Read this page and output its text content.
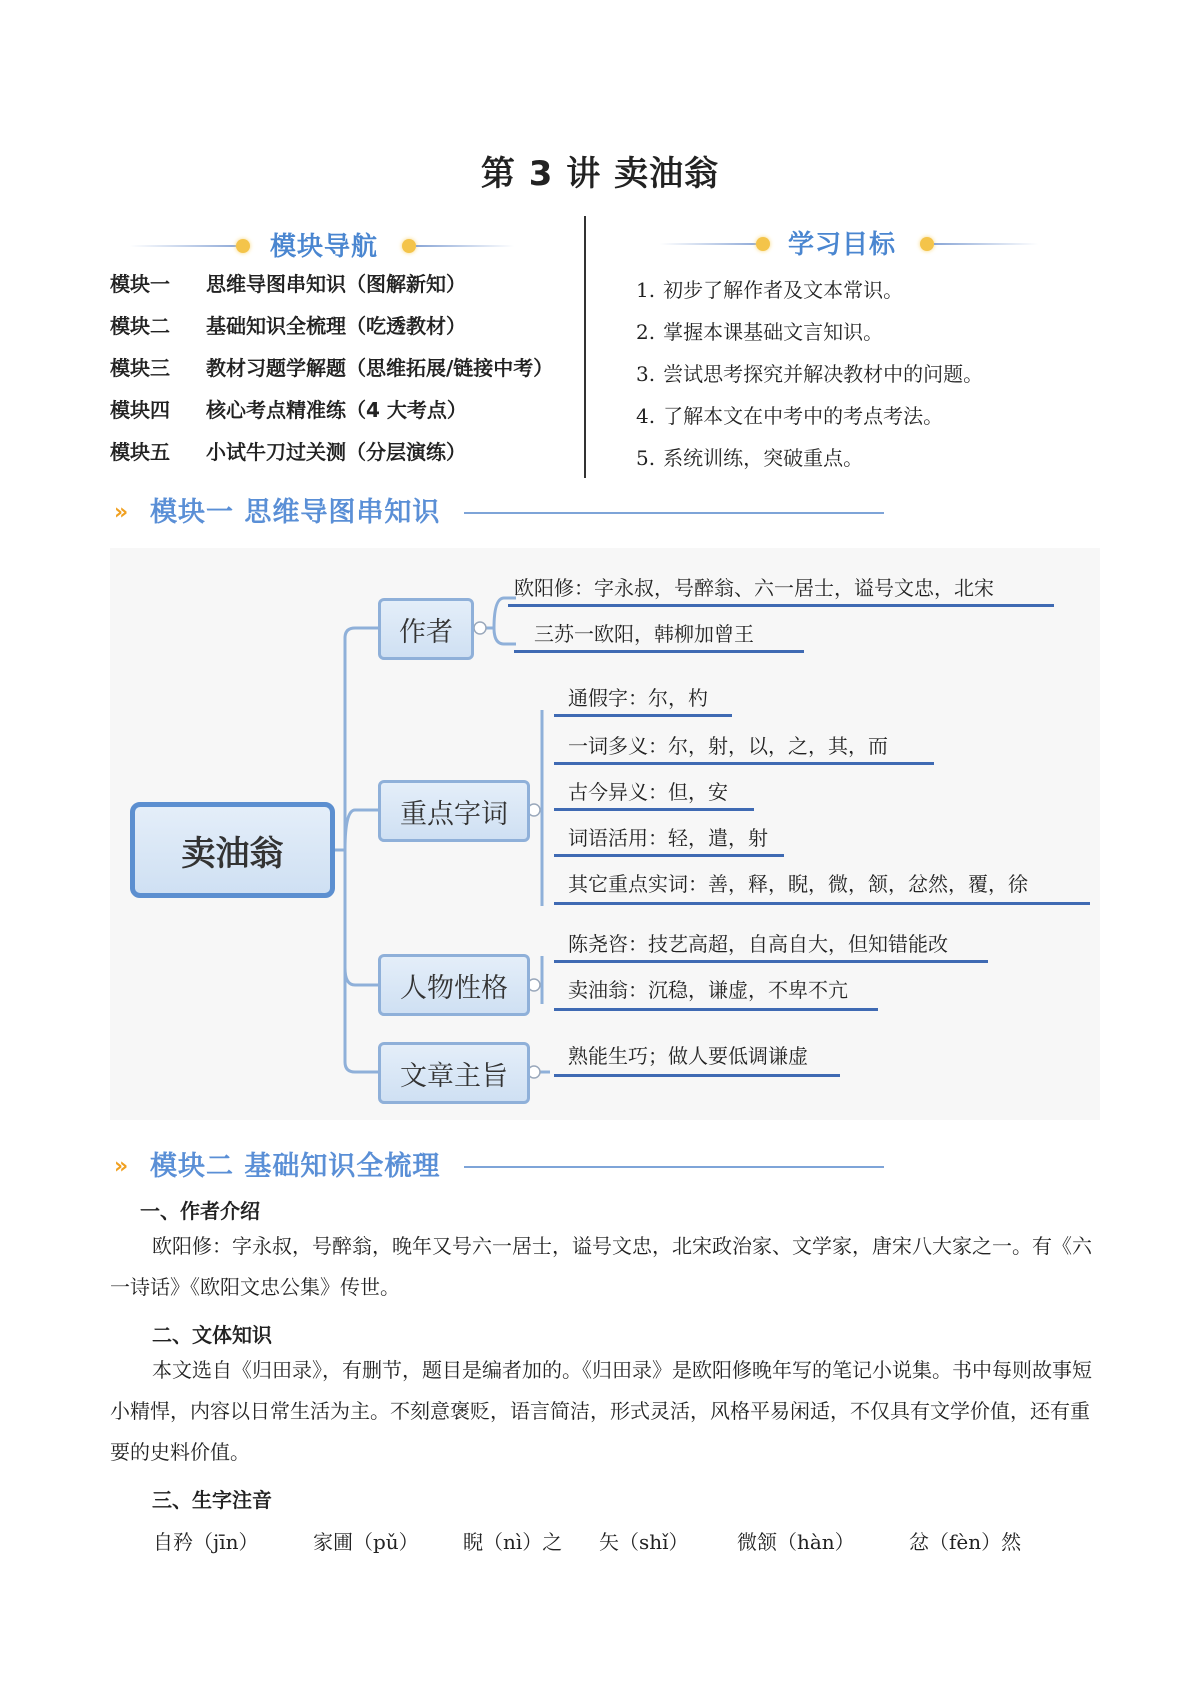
第 3 讲 卖油翁
模块导航
模块一 思维导图串知识（图解新知）
模块二 基础知识全梳理（吃透教材）
模块三 教材习题学解题（思维拓展/链接中考）
模块四 核心考点精准练（4 大考点）
模块五 小试牛刀过关测（分层演练）
学习目标
1. 初步了解作者及文本常识。
2. 掌握本课基础文言知识。
3. 尝试思考探究并解决教材中的问题。
4. 了解本文在中考中的考点考法。
5. 系统训练，突破重点。
» 模块一 思维导图串知识
卖油翁
作者
重点字词
人物性格
文章主旨
欧阳修：字永叔，号醉翁、六一居士，谥号文忠，北宋
三苏一欧阳，韩柳加曾王
通假字：尔，杓
一词多义：尔，射，以，之，其，而
古今异义：但，安
词语活用：轻，遣，射
其它重点实词：善，释，睨，微，颔，忿然，覆，徐
陈尧咨：技艺高超，自高自大，但知错能改
卖油翁：沉稳，谦虚，不卑不亢
熟能生巧；做人要低调谦虚
» 模块二 基础知识全梳理
一、作者介绍
欧阳修：字永叔，号醉翁，晚年又号六一居士，谥号文忠，北宋政治家、文学家，唐宋八大家之一。有《六一诗话》《欧阳文忠公集》传世。
二、文体知识
本文选自《归田录》，有删节，题目是编者加的。《归田录》是欧阳修晚年写的笔记小说集。书中每则故事短小精悍，内容以日常生活为主。不刻意褒贬，语言简洁，形式灵活，风格平易闲适，不仅具有文学价值，还有重要的史料价值。
三、生字注音
自矜（jīn）	家圃（pǔ） 睨（nì）之 矢（shǐ） 微颔（hàn）	忿（fèn）然
